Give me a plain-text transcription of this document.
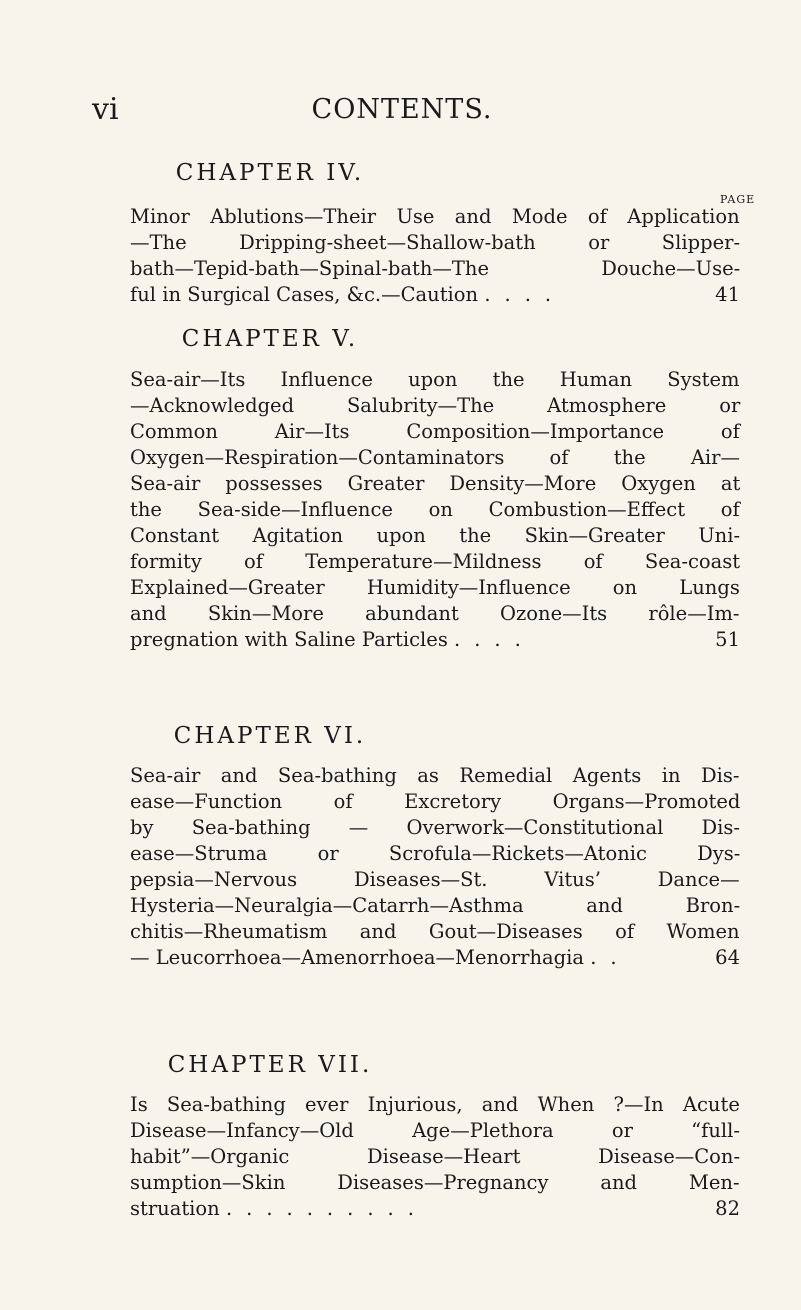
vi	CONTENTS.
CHAPTER IV.
PAGE
Minor Ablutions—Their Use and Mode of Application
—The Dripping-sheet—Shallow-bath or Slipper-
bath—Tepid-bath—Spinal-bath—The Douche—Use-
ful in Surgical Cases, &c.—Caution ....	41
CHAPTER V.
Sea-air—Its Influence upon the Human System
—Acknowledged Salubrity—The Atmosphere or
Common Air—Its Composition—Importance of
Oxygen—Respiration—Contaminators of the Air—
Sea-air possesses Greater Density—More Oxygen at
the Sea-side—Influence on Combustion—Effect of
Constant Agitation upon the Skin—Greater Uni-
formity of Temperature—Mildness of Sea-coast
Explained—Greater Humidity—Influence on Lungs
and Skin—More abundant Ozone—Its rôle—Im-
pregnation with Saline Particles ....	51
CHAPTER VI.
Sea-air and Sea-bathing as Remedial Agents in Dis-
ease—Function of Excretory Organs—Promoted
by Sea-bathing — Overwork—Constitutional Dis-
ease—Struma or Scrofula—Rickets—Atonic Dys-
pepsia—Nervous Diseases—St. Vitus’ Dance—
Hysteria—Neuralgia—Catarrh—Asthma and Bron-
chitis—Rheumatism and Gout—Diseases of Women
— Leucorrhoea—Amenorrhoea—Menorrhagia ..	64
CHAPTER VII.
Is Sea-bathing ever Injurious, and When ?—In Acute
Disease—Infancy—Old Age—Plethora or “full-
habit”—Organic Disease—Heart Disease—Con-
sumption—Skin Diseases—Pregnancy and Men-
struation ..........	82
